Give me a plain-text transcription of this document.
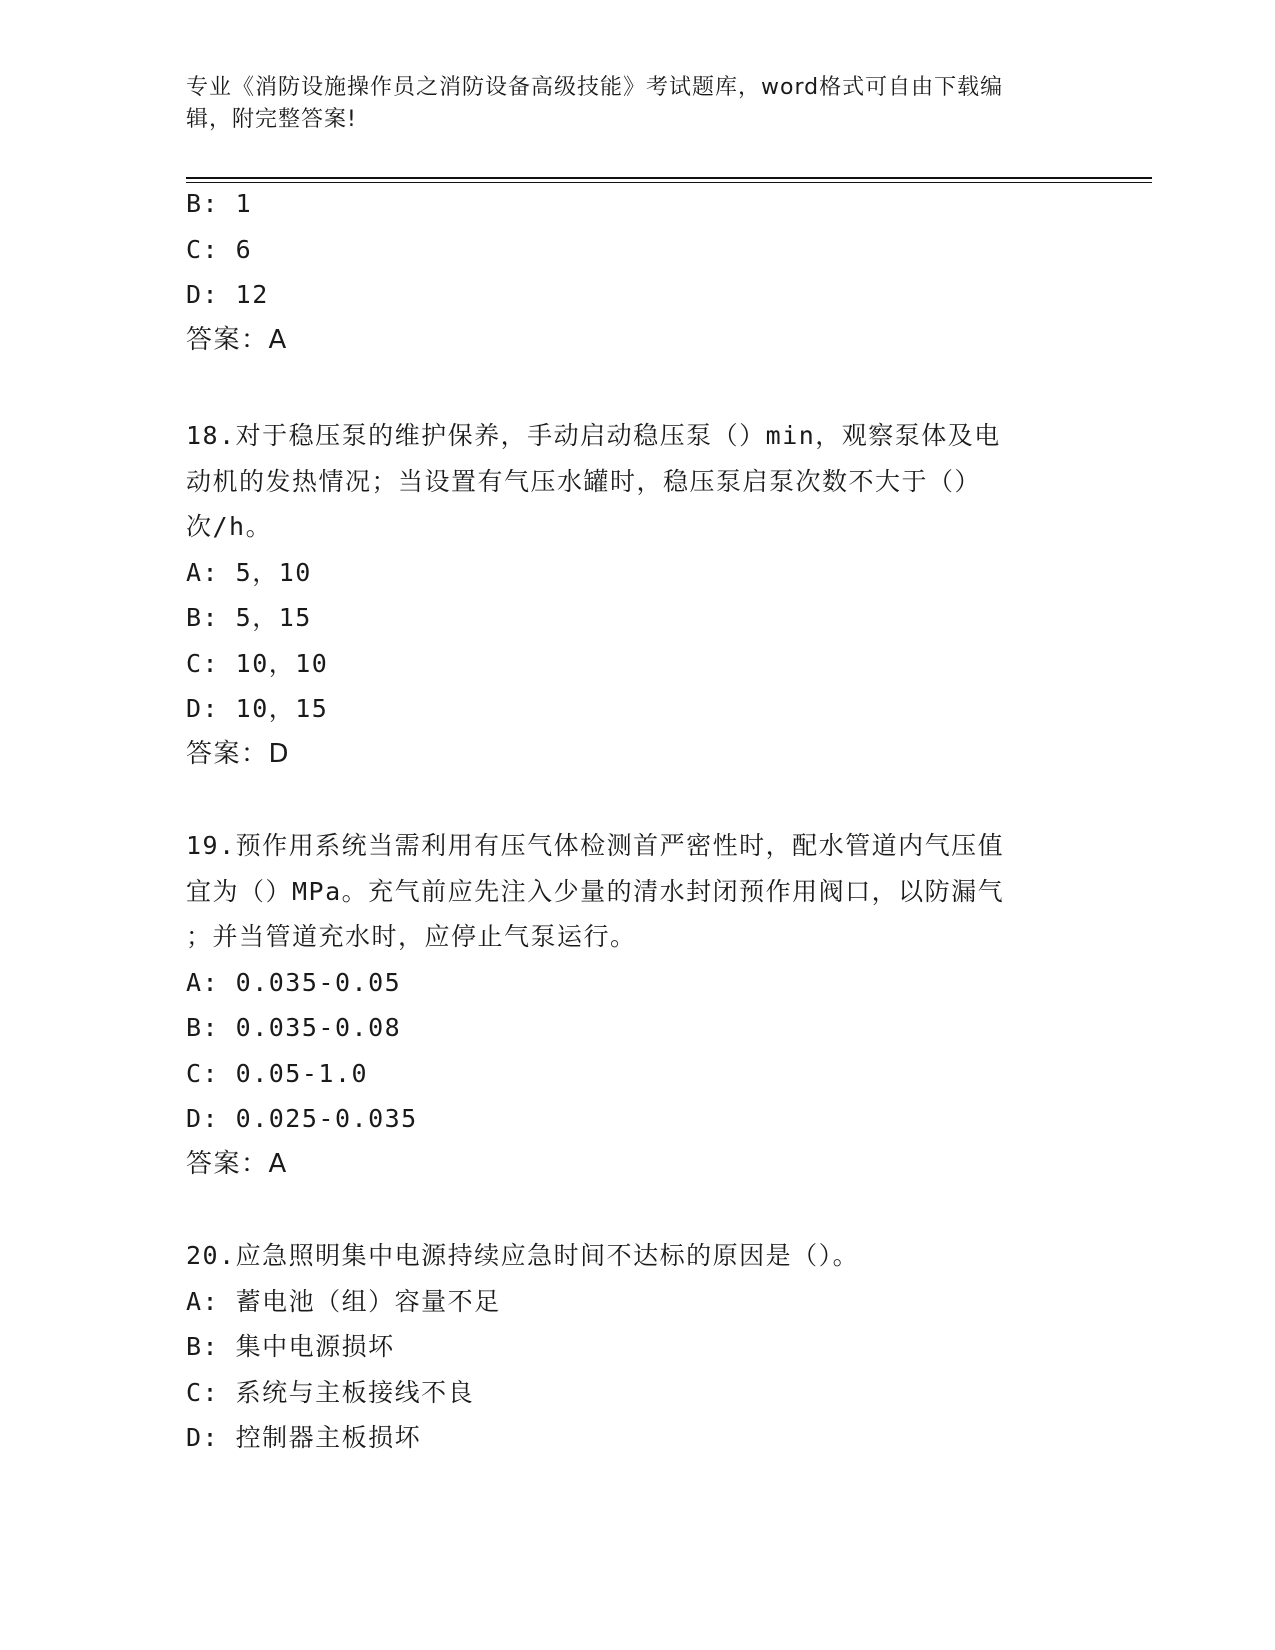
专业《消防设施操作员之消防设备高级技能》考试题库，word格式可自由下载编
辑，附完整答案!
B: 1
C: 6
D: 12
答案：A
18.对于稳压泵的维护保养，手动启动稳压泵（）min，观察泵体及电
动机的发热情况；当设置有气压水罐时，稳压泵启泵次数不大于（）
次/h。
A: 5，10
B: 5，15
C: 10，10
D: 10，15
答案：D
19.预作用系统当需利用有压气体检测首严密性时，配水管道内气压值
宜为（）MPa。充气前应先注入少量的清水封闭预作用阀口，以防漏气
；并当管道充水时，应停止气泵运行。
A: 0.035-0.05
B: 0.035-0.08
C: 0.05-1.0
D: 0.025-0.035
答案：A
20.应急照明集中电源持续应急时间不达标的原因是（）。
A: 蓄电池（组）容量不足
B: 集中电源损坏
C: 系统与主板接线不良
D: 控制器主板损坏
